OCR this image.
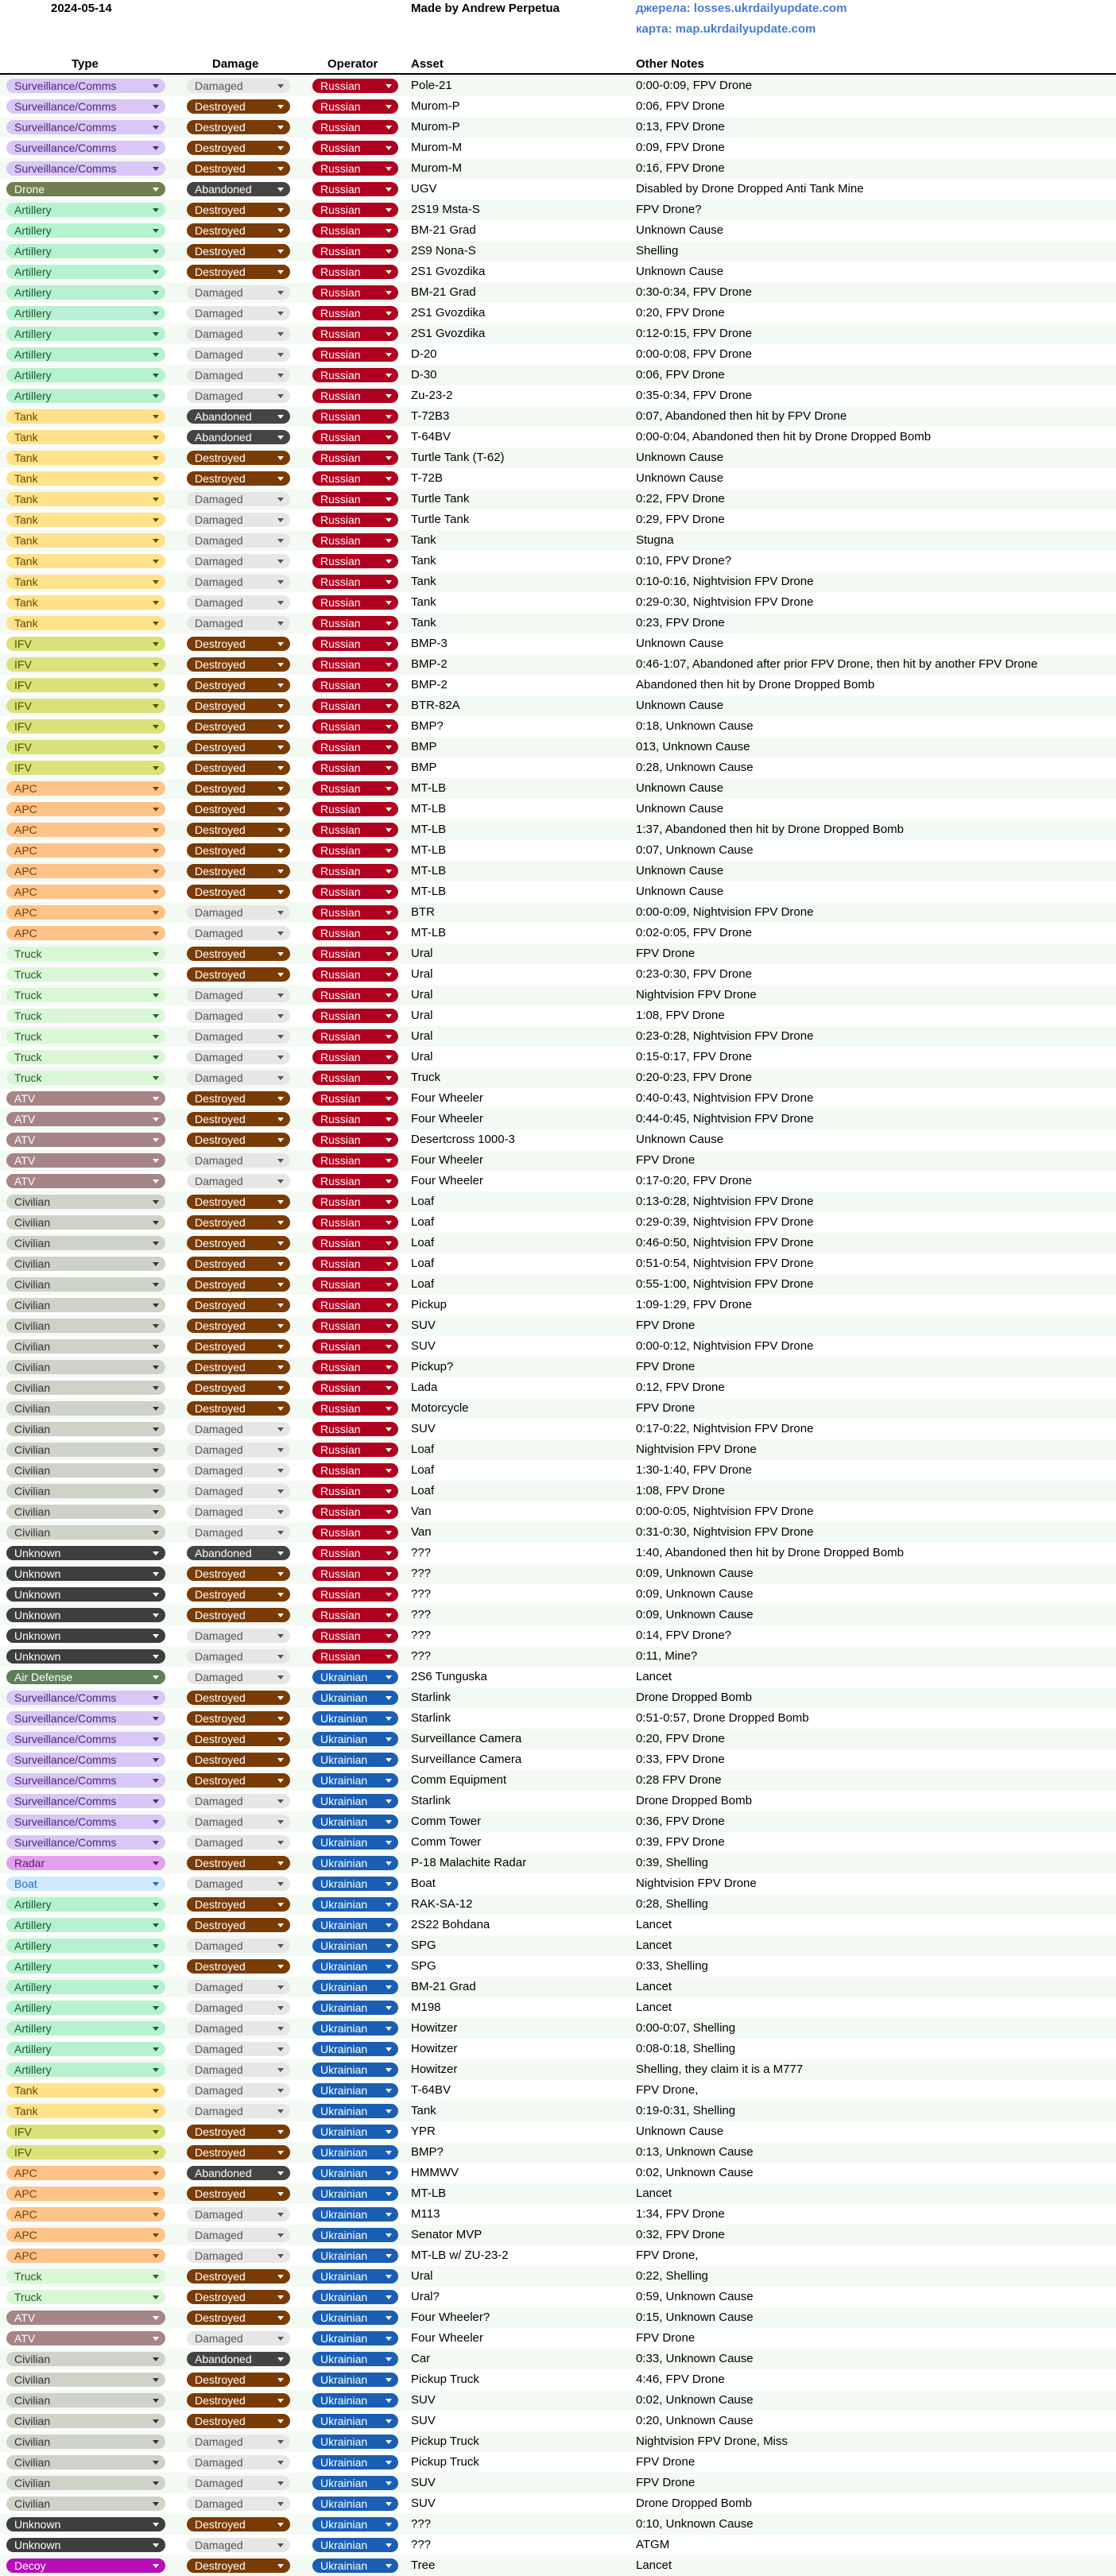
2024-05-14	Made by Andrew Perpetua	джерела: losses.ukrdailyupdate.com
карта: map.ukrdailyupdate.com
Type	Damage	Operator	Asset	Other Notes
Surveillance/Comms	Damaged	Russian	Pole-21	0:00-0:09, FPV Drone
Surveillance/Comms	Destroyed	Russian	Murom-P	0:06, FPV Drone
Surveillance/Comms	Destroyed	Russian	Murom-P	0:13, FPV Drone
Surveillance/Comms	Destroyed	Russian	Murom-M	0:09, FPV Drone
Surveillance/Comms	Destroyed	Russian	Murom-M	0:16, FPV Drone
Drone	Abandoned	Russian	UGV	Disabled by Drone Dropped Anti Tank Mine
Artillery	Destroyed	Russian	2S19 Msta-S	FPV Drone?
Artillery	Destroyed	Russian	BM-21 Grad	Unknown Cause
Artillery	Destroyed	Russian	2S9 Nona-S	Shelling
Artillery	Destroyed	Russian	2S1 Gvozdika	Unknown Cause
Artillery	Damaged	Russian	BM-21 Grad	0:30-0:34, FPV Drone
Artillery	Damaged	Russian	2S1 Gvozdika	0:20, FPV Drone
Artillery	Damaged	Russian	2S1 Gvozdika	0:12-0:15, FPV Drone
Artillery	Damaged	Russian	D-20	0:00-0:08, FPV Drone
Artillery	Damaged	Russian	D-30	0:06, FPV Drone
Artillery	Damaged	Russian	Zu-23-2	0:35-0:34, FPV Drone
Tank	Abandoned	Russian	T-72B3	0:07, Abandoned then hit by FPV Drone
Tank	Abandoned	Russian	T-64BV	0:00-0:04, Abandoned then hit by Drone Dropped Bomb
Tank	Destroyed	Russian	Turtle Tank (T-62)	Unknown Cause
Tank	Destroyed	Russian	T-72B	Unknown Cause
Tank	Damaged	Russian	Turtle Tank	0:22, FPV Drone
Tank	Damaged	Russian	Turtle Tank	0:29, FPV Drone
Tank	Damaged	Russian	Tank	Stugna
Tank	Damaged	Russian	Tank	0:10, FPV Drone?
Tank	Damaged	Russian	Tank	0:10-0:16, Nightvision FPV Drone
Tank	Damaged	Russian	Tank	0:29-0:30, Nightvision FPV Drone
Tank	Damaged	Russian	Tank	0:23, FPV Drone
IFV	Destroyed	Russian	BMP-3	Unknown Cause
IFV	Destroyed	Russian	BMP-2	0:46-1:07, Abandoned after prior FPV Drone, then hit by another FPV Drone
IFV	Destroyed	Russian	BMP-2	Abandoned then hit by Drone Dropped Bomb
IFV	Destroyed	Russian	BTR-82A	Unknown Cause
IFV	Destroyed	Russian	BMP?	0:18, Unknown Cause
IFV	Destroyed	Russian	BMP	013, Unknown Cause
IFV	Destroyed	Russian	BMP	0:28, Unknown Cause
APC	Destroyed	Russian	MT-LB	Unknown Cause
APC	Destroyed	Russian	MT-LB	Unknown Cause
APC	Destroyed	Russian	MT-LB	1:37, Abandoned then hit by Drone Dropped Bomb
APC	Destroyed	Russian	MT-LB	0:07, Unknown Cause
APC	Destroyed	Russian	MT-LB	Unknown Cause
APC	Destroyed	Russian	MT-LB	Unknown Cause
APC	Damaged	Russian	BTR	0:00-0:09, Nightvision FPV Drone
APC	Damaged	Russian	MT-LB	0:02-0:05, FPV Drone
Truck	Destroyed	Russian	Ural	FPV Drone
Truck	Destroyed	Russian	Ural	0:23-0:30, FPV Drone
Truck	Damaged	Russian	Ural	Nightvision FPV Drone
Truck	Damaged	Russian	Ural	1:08, FPV Drone
Truck	Damaged	Russian	Ural	0:23-0:28, Nightvision FPV Drone
Truck	Damaged	Russian	Ural	0:15-0:17, FPV Drone
Truck	Damaged	Russian	Truck	0:20-0:23, FPV Drone
ATV	Destroyed	Russian	Four Wheeler	0:40-0:43, Nightvision FPV Drone
ATV	Destroyed	Russian	Four Wheeler	0:44-0:45, Nightvision FPV Drone
ATV	Destroyed	Russian	Desertcross 1000-3	Unknown Cause
ATV	Damaged	Russian	Four Wheeler	FPV Drone
ATV	Damaged	Russian	Four Wheeler	0:17-0:20, FPV Drone
Civilian	Destroyed	Russian	Loaf	0:13-0:28, Nightvision FPV Drone
Civilian	Destroyed	Russian	Loaf	0:29-0:39, Nightvision FPV Drone
Civilian	Destroyed	Russian	Loaf	0:46-0:50, Nightvision FPV Drone
Civilian	Destroyed	Russian	Loaf	0:51-0:54, Nightvision FPV Drone
Civilian	Destroyed	Russian	Loaf	0:55-1:00, Nightvision FPV Drone
Civilian	Destroyed	Russian	Pickup	1:09-1:29, FPV Drone
Civilian	Destroyed	Russian	SUV	FPV Drone
Civilian	Destroyed	Russian	SUV	0:00-0:12, Nightvision FPV Drone
Civilian	Destroyed	Russian	Pickup?	FPV Drone
Civilian	Destroyed	Russian	Lada	0:12, FPV Drone
Civilian	Destroyed	Russian	Motorcycle	FPV Drone
Civilian	Damaged	Russian	SUV	0:17-0:22, Nightvision FPV Drone
Civilian	Damaged	Russian	Loaf	Nightvision FPV Drone
Civilian	Damaged	Russian	Loaf	1:30-1:40, FPV Drone
Civilian	Damaged	Russian	Loaf	1:08, FPV Drone
Civilian	Damaged	Russian	Van	0:00-0:05, Nightvision FPV Drone
Civilian	Damaged	Russian	Van	0:31-0:30, Nightvision FPV Drone
Unknown	Abandoned	Russian	???	1:40, Abandoned then hit by Drone Dropped Bomb
Unknown	Destroyed	Russian	???	0:09, Unknown Cause
Unknown	Destroyed	Russian	???	0:09, Unknown Cause
Unknown	Destroyed	Russian	???	0:09, Unknown Cause
Unknown	Damaged	Russian	???	0:14, FPV Drone?
Unknown	Damaged	Russian	???	0:11, Mine?
Air Defense	Damaged	Ukrainian	2S6 Tunguska	Lancet
Surveillance/Comms	Destroyed	Ukrainian	Starlink	Drone Dropped Bomb
Surveillance/Comms	Destroyed	Ukrainian	Starlink	0:51-0:57, Drone Dropped Bomb
Surveillance/Comms	Destroyed	Ukrainian	Surveillance Camera	0:20, FPV Drone
Surveillance/Comms	Destroyed	Ukrainian	Surveillance Camera	0:33, FPV Drone
Surveillance/Comms	Destroyed	Ukrainian	Comm Equipment	0:28 FPV Drone
Surveillance/Comms	Damaged	Ukrainian	Starlink	Drone Dropped Bomb
Surveillance/Comms	Damaged	Ukrainian	Comm Tower	0:36, FPV Drone
Surveillance/Comms	Damaged	Ukrainian	Comm Tower	0:39, FPV Drone
Radar	Destroyed	Ukrainian	P-18 Malachite Radar	0:39, Shelling
Boat	Damaged	Ukrainian	Boat	Nightvision FPV Drone
Artillery	Destroyed	Ukrainian	RAK-SA-12	0:28, Shelling
Artillery	Destroyed	Ukrainian	2S22 Bohdana	Lancet
Artillery	Damaged	Ukrainian	SPG	Lancet
Artillery	Destroyed	Ukrainian	SPG	0:33, Shelling
Artillery	Damaged	Ukrainian	BM-21 Grad	Lancet
Artillery	Damaged	Ukrainian	M198	Lancet
Artillery	Damaged	Ukrainian	Howitzer	0:00-0:07, Shelling
Artillery	Damaged	Ukrainian	Howitzer	0:08-0:18, Shelling
Artillery	Damaged	Ukrainian	Howitzer	Shelling, they claim it is a M777
Tank	Damaged	Ukrainian	T-64BV	FPV Drone,
Tank	Damaged	Ukrainian	Tank	0:19-0:31, Shelling
IFV	Destroyed	Ukrainian	YPR	Unknown Cause
IFV	Destroyed	Ukrainian	BMP?	0:13, Unknown Cause
APC	Abandoned	Ukrainian	HMMWV	0:02, Unknown Cause
APC	Destroyed	Ukrainian	MT-LB	Lancet
APC	Damaged	Ukrainian	M113	1:34, FPV Drone
APC	Damaged	Ukrainian	Senator MVP	0:32, FPV Drone
APC	Damaged	Ukrainian	MT-LB w/ ZU-23-2	FPV Drone,
Truck	Destroyed	Ukrainian	Ural	0:22, Shelling
Truck	Destroyed	Ukrainian	Ural?	0:59, Unknown Cause
ATV	Destroyed	Ukrainian	Four Wheeler?	0:15, Unknown Cause
ATV	Damaged	Ukrainian	Four Wheeler	FPV Drone
Civilian	Abandoned	Ukrainian	Car	0:33, Unknown Cause
Civilian	Destroyed	Ukrainian	Pickup Truck	4:46, FPV Drone
Civilian	Destroyed	Ukrainian	SUV	0:02, Unknown Cause
Civilian	Destroyed	Ukrainian	SUV	0:20, Unknown Cause
Civilian	Damaged	Ukrainian	Pickup Truck	Nightvision FPV Drone, Miss
Civilian	Damaged	Ukrainian	Pickup Truck	FPV Drone
Civilian	Damaged	Ukrainian	SUV	FPV Drone
Civilian	Damaged	Ukrainian	SUV	Drone Dropped Bomb
Unknown	Destroyed	Ukrainian	???	0:10, Unknown Cause
Unknown	Damaged	Ukrainian	???	ATGM
Decoy	Destroyed	Ukrainian	Tree	Lancet
